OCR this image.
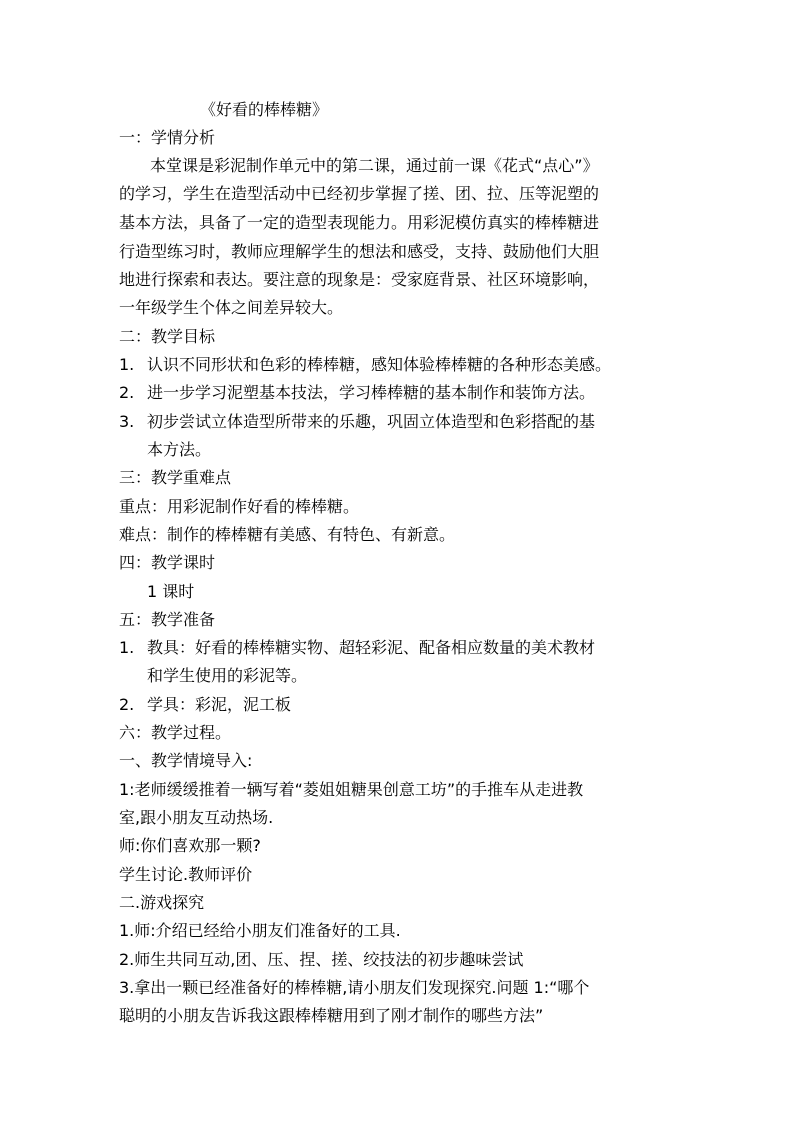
《好看的棒棒糖》
一：学情分析
本堂课是彩泥制作单元中的第二课，通过前一课《花式“点心”》
的学习，学生在造型活动中已经初步掌握了搓、团、拉、压等泥塑的
基本方法，具备了一定的造型表现能力。用彩泥模仿真实的棒棒糖进
行造型练习时，教师应理解学生的想法和感受，支持、鼓励他们大胆
地进行探索和表达。要注意的现象是：受家庭背景、社区环境影响，
一年级学生个体之间差异较大。
二：教学目标
1. 认识不同形状和色彩的棒棒糖，感知体验棒棒糖的各种形态美感。
2. 进一步学习泥塑基本技法，学习棒棒糖的基本制作和装饰方法。
3. 初步尝试立体造型所带来的乐趣，巩固立体造型和色彩搭配的基
本方法。
三：教学重难点
重点：用彩泥制作好看的棒棒糖。
难点：制作的棒棒糖有美感、有特色、有新意。
四：教学课时
1 课时
五：教学准备
1. 教具：好看的棒棒糖实物、超轻彩泥、配备相应数量的美术教材
和学生使用的彩泥等。
2. 学具：彩泥，泥工板
六：教学过程。
一、教学情境导入:
1:老师缓缓推着一辆写着“菱姐姐糖果创意工坊”的手推车从走进教
室,跟小朋友互动热场.
师:你们喜欢那一颗?
学生讨论.教师评价
二.游戏探究
1.师:介绍已经给小朋友们准备好的工具.
2.师生共同互动,团、压、捏、搓、绞技法的初步趣味尝试
3.拿出一颗已经准备好的棒棒糖,请小朋友们发现探究.问题 1:“哪个
聪明的小朋友告诉我这跟棒棒糖用到了刚才制作的哪些方法”
